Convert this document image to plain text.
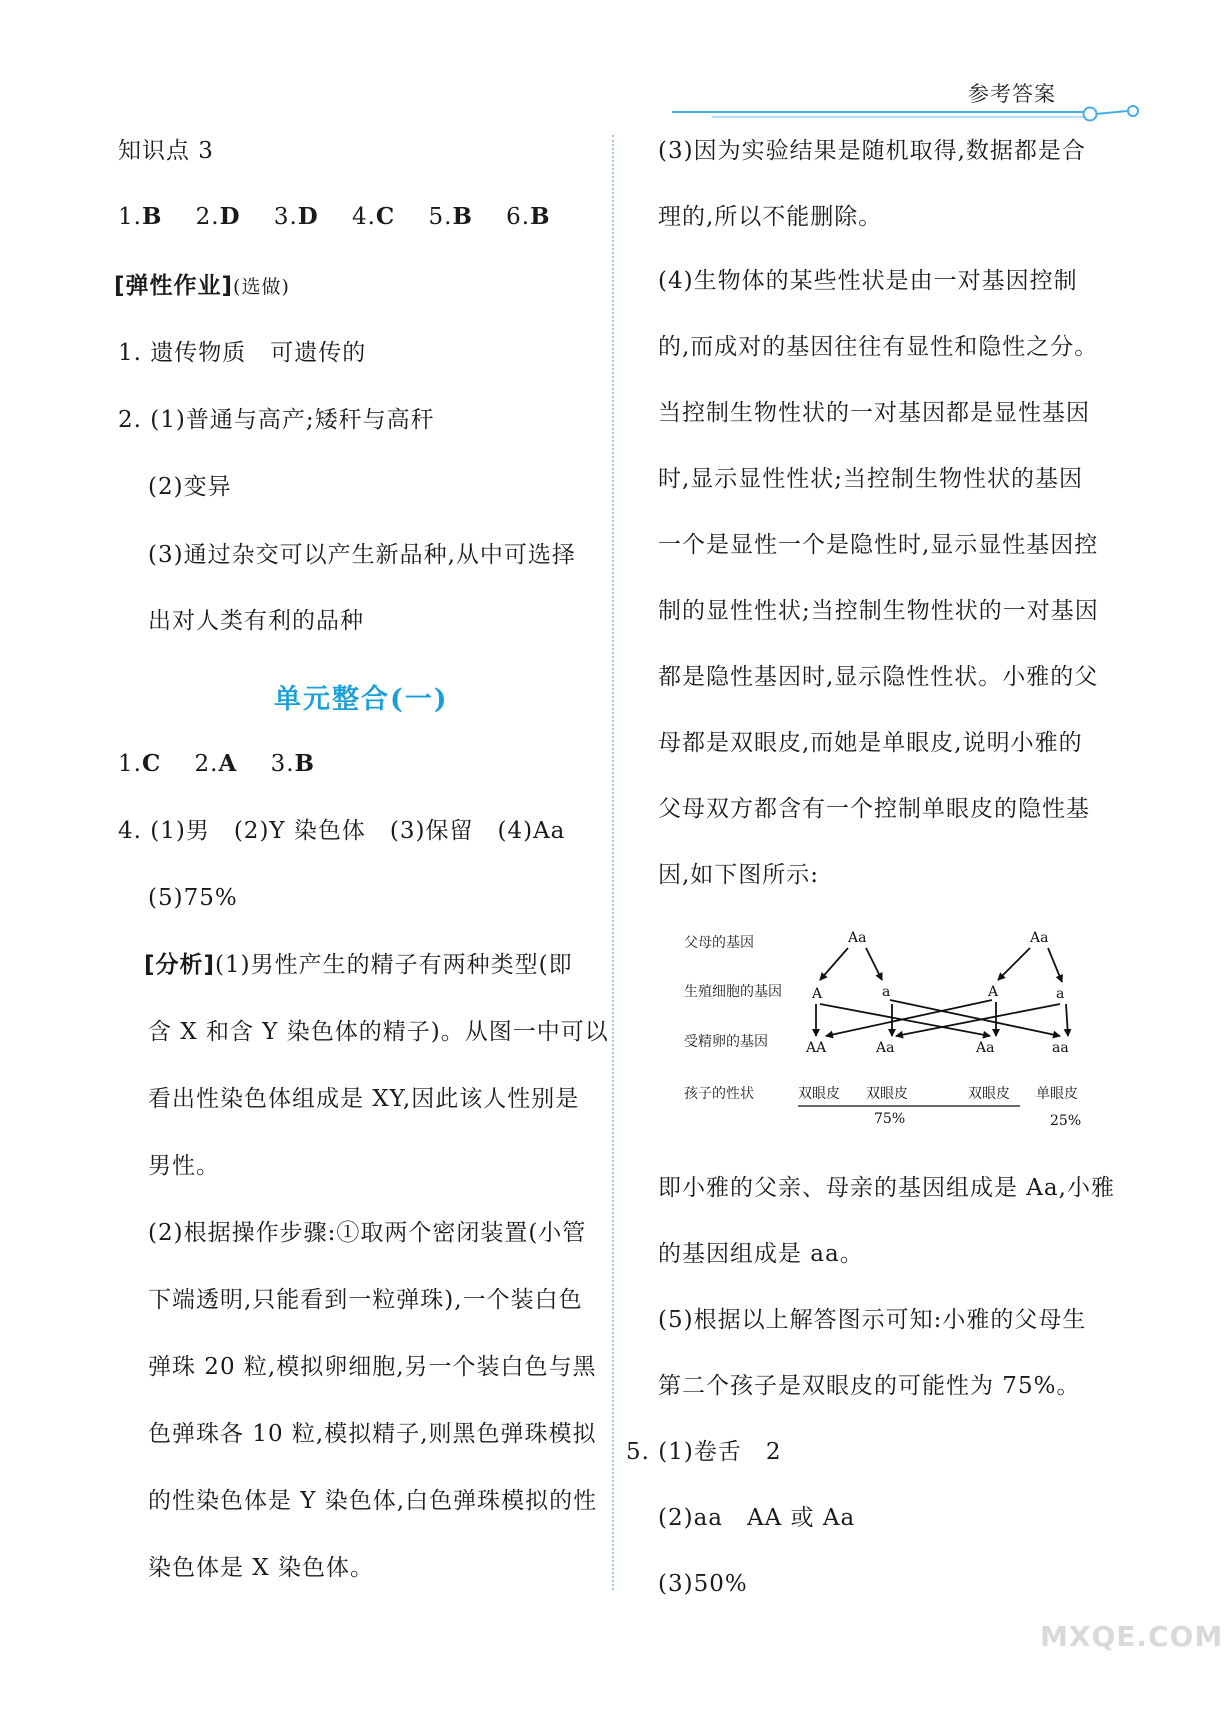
参考答案
知识点 3
1.B 2.D 3.D 4.C 5.B 6.B
[弹性作业](选做)
1. 遗传物质　可遗传的
2. (1)普通与高产;矮秆与高秆
(2)变异
(3)通过杂交可以产生新品种,从中可选择
出对人类有利的品种
单元整合(一)
1.C 2.A 3.B
4. (1)男　(2)Y 染色体　(3)保留　(4)Aa
(5)75%
[分析](1)男性产生的精子有两种类型(即
含 X 和含 Y 染色体的精子)。从图一中可以
看出性染色体组成是 XY,因此该人性别是
男性。
(2)根据操作步骤:①取两个密闭装置(小管
下端透明,只能看到一粒弹珠),一个装白色
弹珠 20 粒,模拟卵细胞,另一个装白色与黑
色弹珠各 10 粒,模拟精子,则黑色弹珠模拟
的性染色体是 Y 染色体,白色弹珠模拟的性
染色体是 X 染色体。
(3)因为实验结果是随机取得,数据都是合
理的,所以不能删除。
(4)生物体的某些性状是由一对基因控制
的,而成对的基因往往有显性和隐性之分。
当控制生物性状的一对基因都是显性基因
时,显示显性性状;当控制生物性状的基因
一个是显性一个是隐性时,显示显性基因控
制的显性性状;当控制生物性状的一对基因
都是隐性基因时,显示隐性性状。小雅的父
母都是双眼皮,而她是单眼皮,说明小雅的
父母双方都含有一个控制单眼皮的隐性基
因,如下图所示:
父母的基因
生殖细胞的基因
受精卵的基因
孩子的性状
Aa	Aa
A	a	A	a
AA	Aa	Aa	aa
双眼皮 双眼皮	双眼皮 单眼皮
75%	25%
即小雅的父亲、母亲的基因组成是 Aa,小雅
的基因组成是 aa。
(5)根据以上解答图示可知:小雅的父母生
第二个孩子是双眼皮的可能性为 75%。
5. (1)卷舌　2
(2)aa　AA 或 Aa
(3)50%
MXQE.COM
